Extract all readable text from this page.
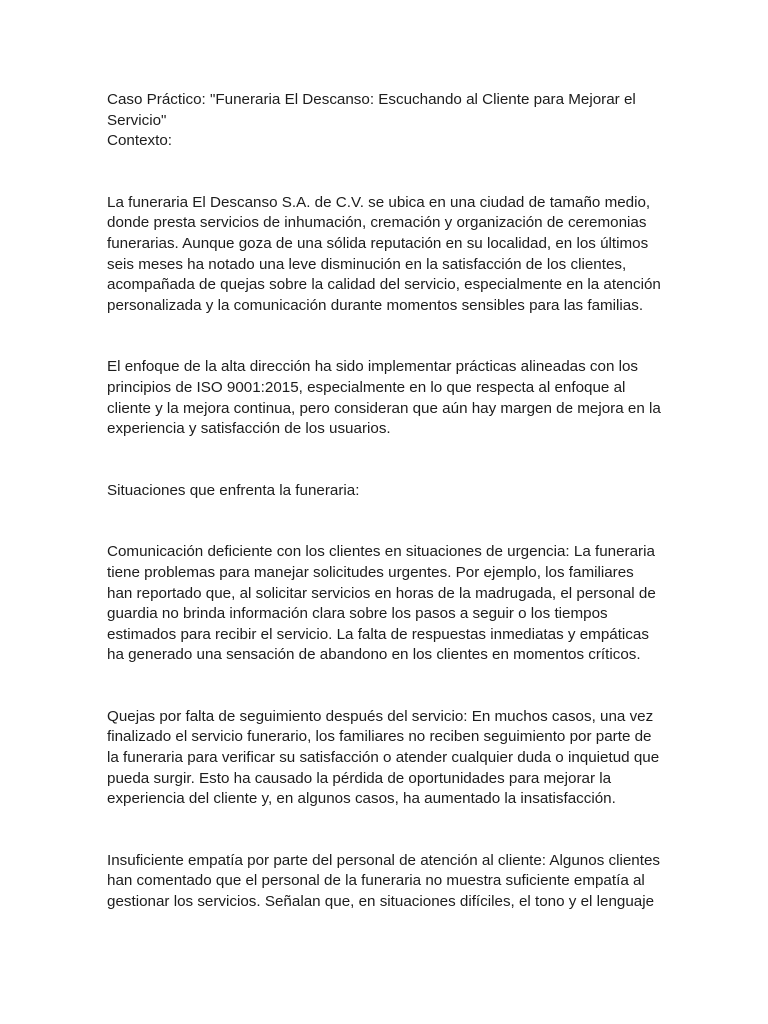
Caso Práctico: "Funeraria El Descanso: Escuchando al Cliente para Mejorar el Servicio"

Contexto:

La funeraria El Descanso S.A. de C.V. se ubica en una ciudad de tamaño medio, donde presta servicios de inhumación, cremación y organización de ceremonias funerarias. Aunque goza de una sólida reputación en su localidad, en los últimos seis meses ha notado una leve disminución en la satisfacción de los clientes, acompañada de quejas sobre la calidad del servicio, especialmente en la atención personalizada y la comunicación durante momentos sensibles para las familias.

El enfoque de la alta dirección ha sido implementar prácticas alineadas con los principios de ISO 9001:2015, especialmente en lo que respecta al enfoque al cliente y la mejora continua, pero consideran que aún hay margen de mejora en la experiencia y satisfacción de los usuarios.

Situaciones que enfrenta la funeraria:

Comunicación deficiente con los clientes en situaciones de urgencia: La funeraria tiene problemas para manejar solicitudes urgentes. Por ejemplo, los familiares han reportado que, al solicitar servicios en horas de la madrugada, el personal de guardia no brinda información clara sobre los pasos a seguir o los tiempos estimados para recibir el servicio. La falta de respuestas inmediatas y empáticas ha generado una sensación de abandono en los clientes en momentos críticos.

Quejas por falta de seguimiento después del servicio: En muchos casos, una vez finalizado el servicio funerario, los familiares no reciben seguimiento por parte de la funeraria para verificar su satisfacción o atender cualquier duda o inquietud que pueda surgir. Esto ha causado la pérdida de oportunidades para mejorar la experiencia del cliente y, en algunos casos, ha aumentado la insatisfacción.

Insuficiente empatía por parte del personal de atención al cliente: Algunos clientes han comentado que el personal de la funeraria no muestra suficiente empatía al gestionar los servicios. Señalan que, en situaciones difíciles, el tono y el lenguaje
